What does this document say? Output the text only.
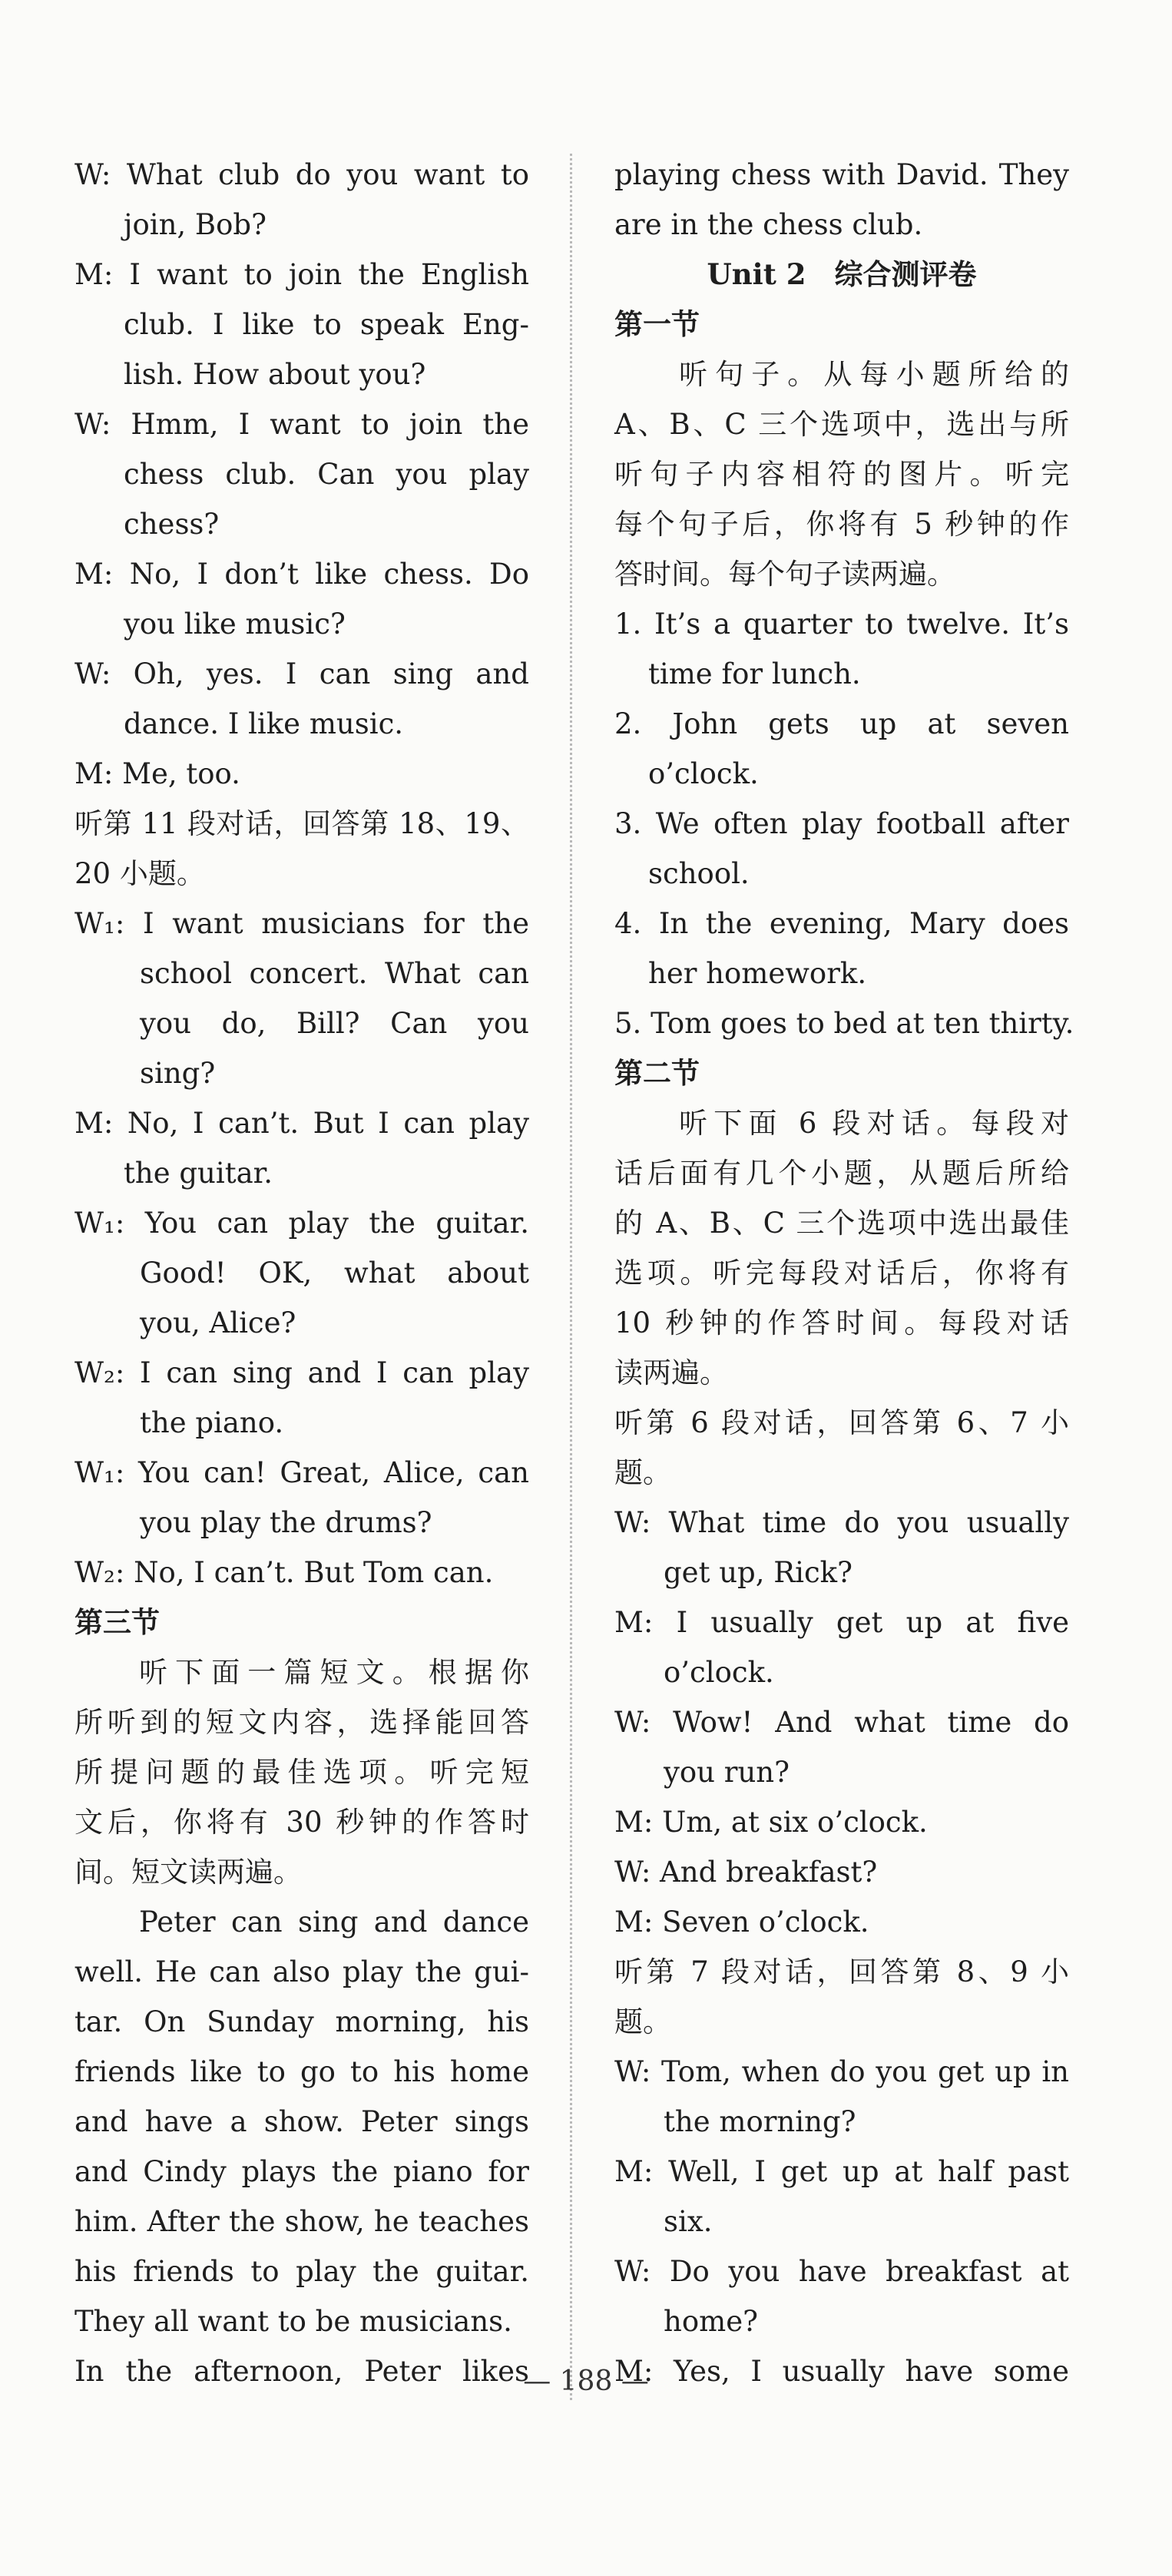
W: What club do you want to
join, Bob?
M: I want to join the English
club. I like to speak Eng-
lish. How about you?
W: Hmm, I want to join the
chess club. Can you play
chess?
M: No, I don’t like chess. Do
you like music?
W: Oh, yes. I can sing and
dance. I like music.
M: Me, too.
听第 11 段对话，回答第 18、19、
20 小题。
W₁: I want musicians for the
school concert. What can
you do, Bill? Can you
sing?
M: No, I can’t. But I can play
the guitar.
W₁: You can play the guitar.
Good! OK, what about
you, Alice?
W₂: I can sing and I can play
the piano.
W₁: You can! Great, Alice, can
you play the drums?
W₂: No, I can’t. But Tom can.
第三节
听下面一篇短文。根据你
所听到的短文内容，选择能回答
所提问题的最佳选项。听完短
文后，你将有 30 秒钟的作答时
间。短文读两遍。
Peter can sing and dance
well. He can also play the gui-
tar. On Sunday morning, his
friends like to go to his home
and have a show. Peter sings
and Cindy plays the piano for
him. After the show, he teaches
his friends to play the guitar.
They all want to be musicians.
In the afternoon, Peter likes
playing chess with David. They
are in the chess club.
Unit 2　综合测评卷
第一节
听句子。从每小题所给的
A、B、C 三个选项中，选出与所
听句子内容相符的图片。听完
每个句子后，你将有 5 秒钟的作
答时间。每个句子读两遍。
1. It’s a quarter to twelve. It’s
time for lunch.
2. John gets up at seven
o’clock.
3. We often play football after
school.
4. In the evening, Mary does
her homework.
5. Tom goes to bed at ten thirty.
第二节
听下面 6 段对话。每段对
话后面有几个小题，从题后所给
的 A、B、C 三个选项中选出最佳
选项。听完每段对话后，你将有
10 秒钟的作答时间。每段对话
读两遍。
听第 6 段对话，回答第 6、7 小
题。
W: What time do you usually
get up, Rick?
M: I usually get up at five
o’clock.
W: Wow! And what time do
you run?
M: Um, at six o’clock.
W: And breakfast?
M: Seven o’clock.
听第 7 段对话，回答第 8、9 小
题。
W: Tom, when do you get up in
the morning?
M: Well, I get up at half past
six.
W: Do you have breakfast at
home?
M: Yes, I usually have some
— 188 —
